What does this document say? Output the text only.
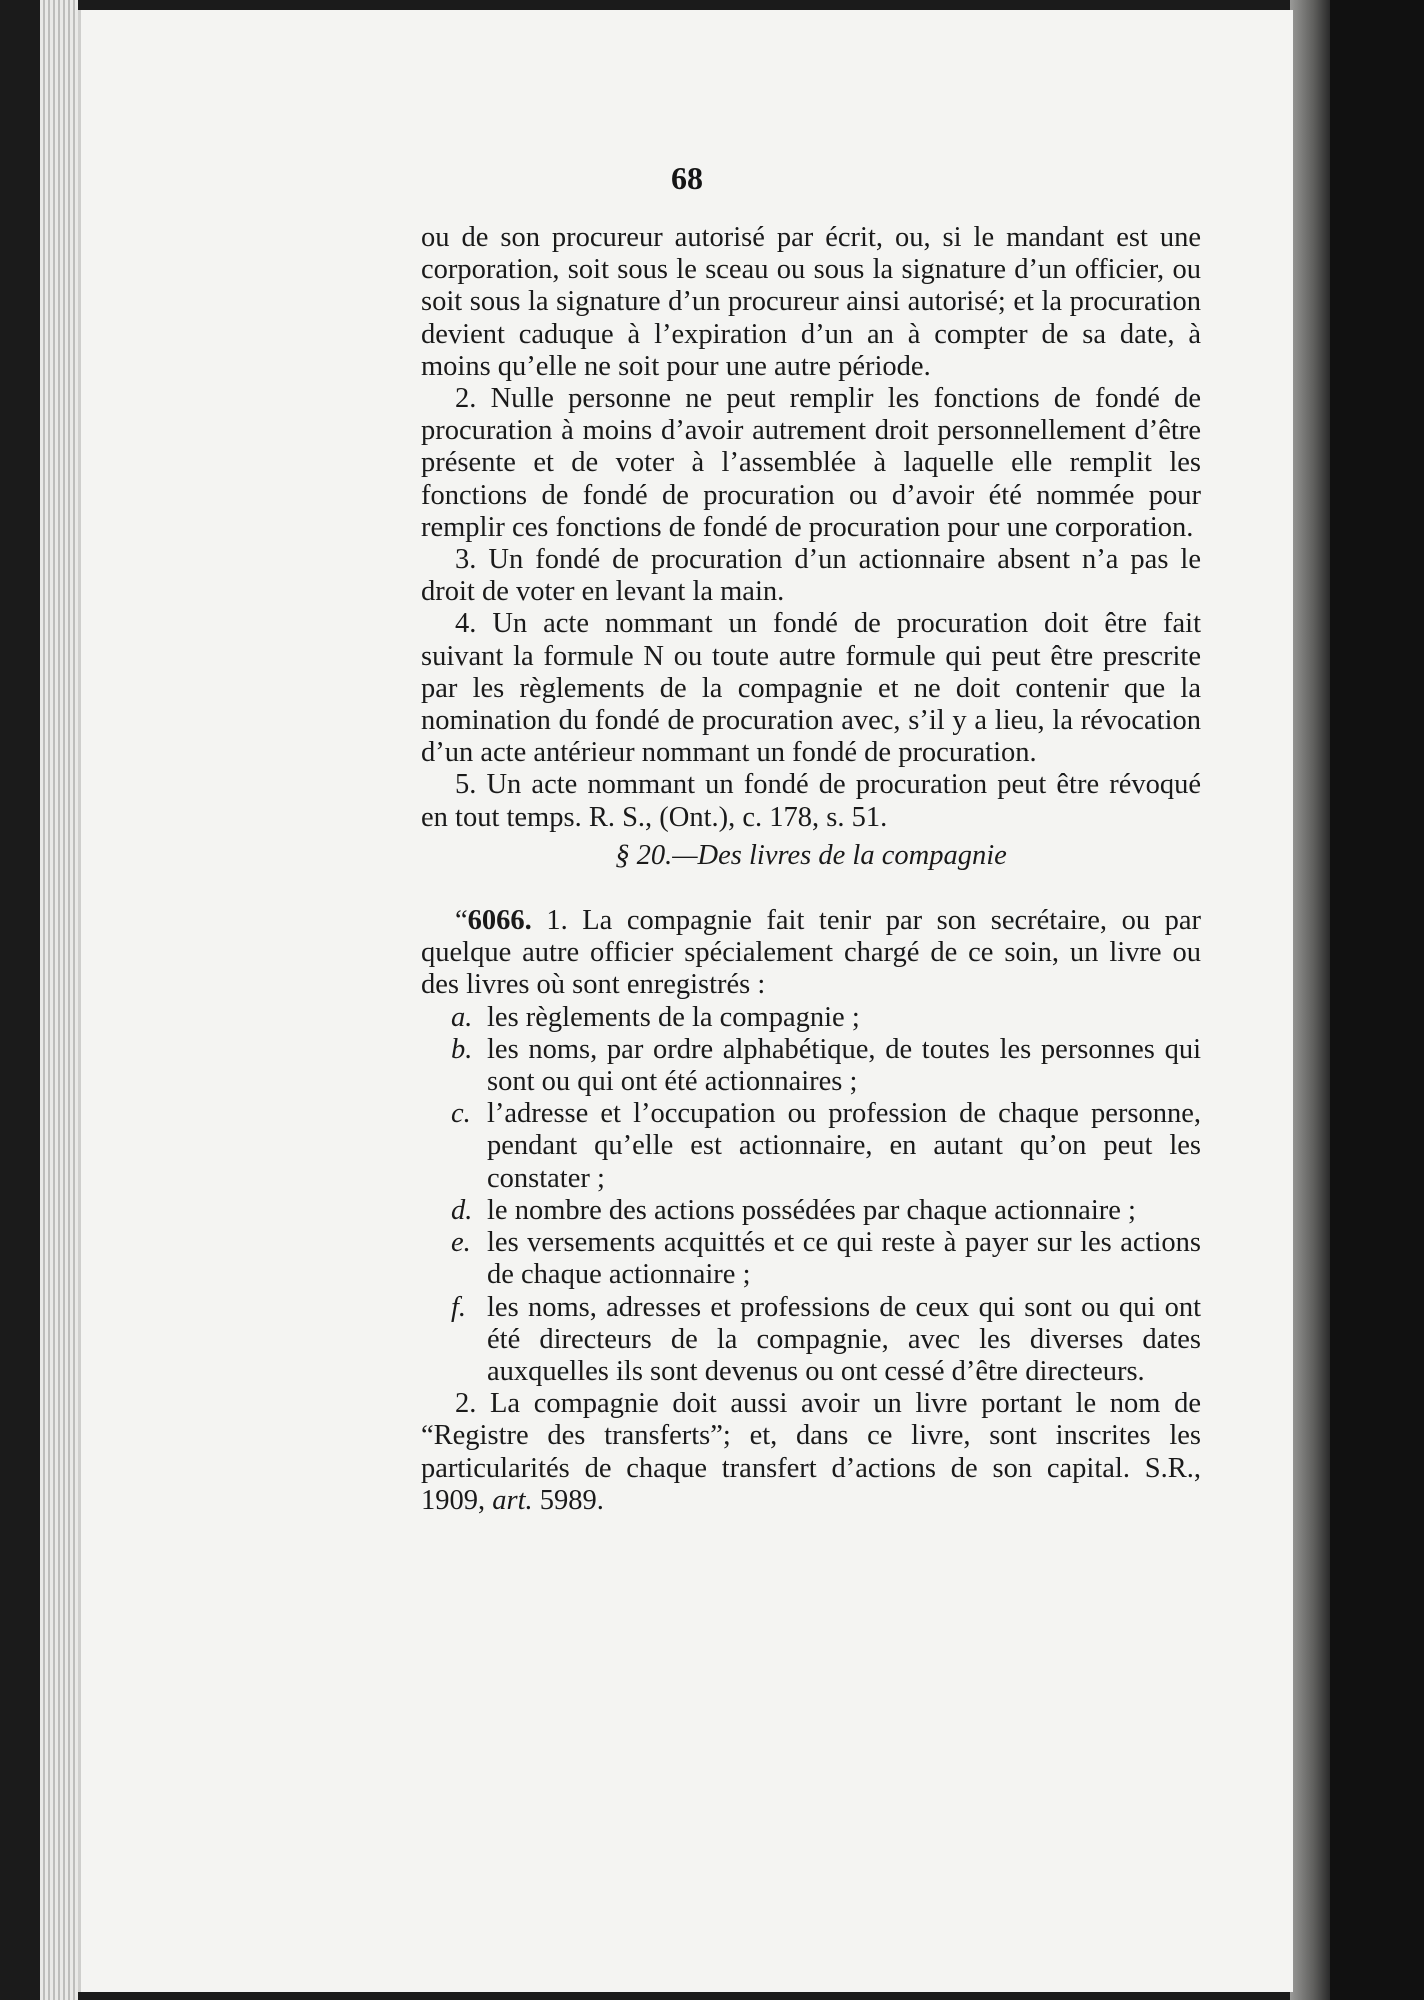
68

ou de son procureur autorisé par écrit, ou, si le mandant est une corporation, soit sous le sceau ou sous la signature d’un officier, ou soit sous la signature d’un procureur ainsi autorisé; et la procuration devient caduque à l’expiration d’un an à compter de sa date, à moins qu’elle ne soit pour une autre période.

2. Nulle personne ne peut remplir les fonctions de fondé de procuration à moins d’avoir autrement droit personnellement d’être présente et de voter à l’assemblée à laquelle elle remplit les fonctions de fondé de procuration ou d’avoir été nommée pour remplir ces fonctions de fondé de procuration pour une corporation.

3. Un fondé de procuration d’un actionnaire absent n’a pas le droit de voter en levant la main.

4. Un acte nommant un fondé de procuration doit être fait suivant la formule N ou toute autre formule qui peut être prescrite par les règlements de la compagnie et ne doit contenir que la nomination du fondé de procuration avec, s’il y a lieu, la révocation d’un acte antérieur nommant un fondé de procuration.

5. Un acte nommant un fondé de procuration peut être révoqué en tout temps. R. S., (Ont.), c. 178, s. 51.

§ 20.—Des livres de la compagnie

“6066. 1. La compagnie fait tenir par son secrétaire, ou par quelque autre officier spécialement chargé de ce soin, un livre ou des livres où sont enregistrés :

a. les règlements de la compagnie ;
b. les noms, par ordre alphabétique, de toutes les personnes qui sont ou qui ont été actionnaires ;
c. l’adresse et l’occupation ou profession de chaque personne, pendant qu’elle est actionnaire, en autant qu’on peut les constater ;
d. le nombre des actions possédées par chaque actionnaire ;
e. les versements acquittés et ce qui reste à payer sur les actions de chaque actionnaire ;
f. les noms, adresses et professions de ceux qui sont ou qui ont été directeurs de la compagnie, avec les diverses dates auxquelles ils sont devenus ou ont cessé d’être directeurs.

2. La compagnie doit aussi avoir un livre portant le nom de “Registre des transferts”; et, dans ce livre, sont inscrites les particularités de chaque transfert d’actions de son capital. S.R., 1909, art. 5989.
